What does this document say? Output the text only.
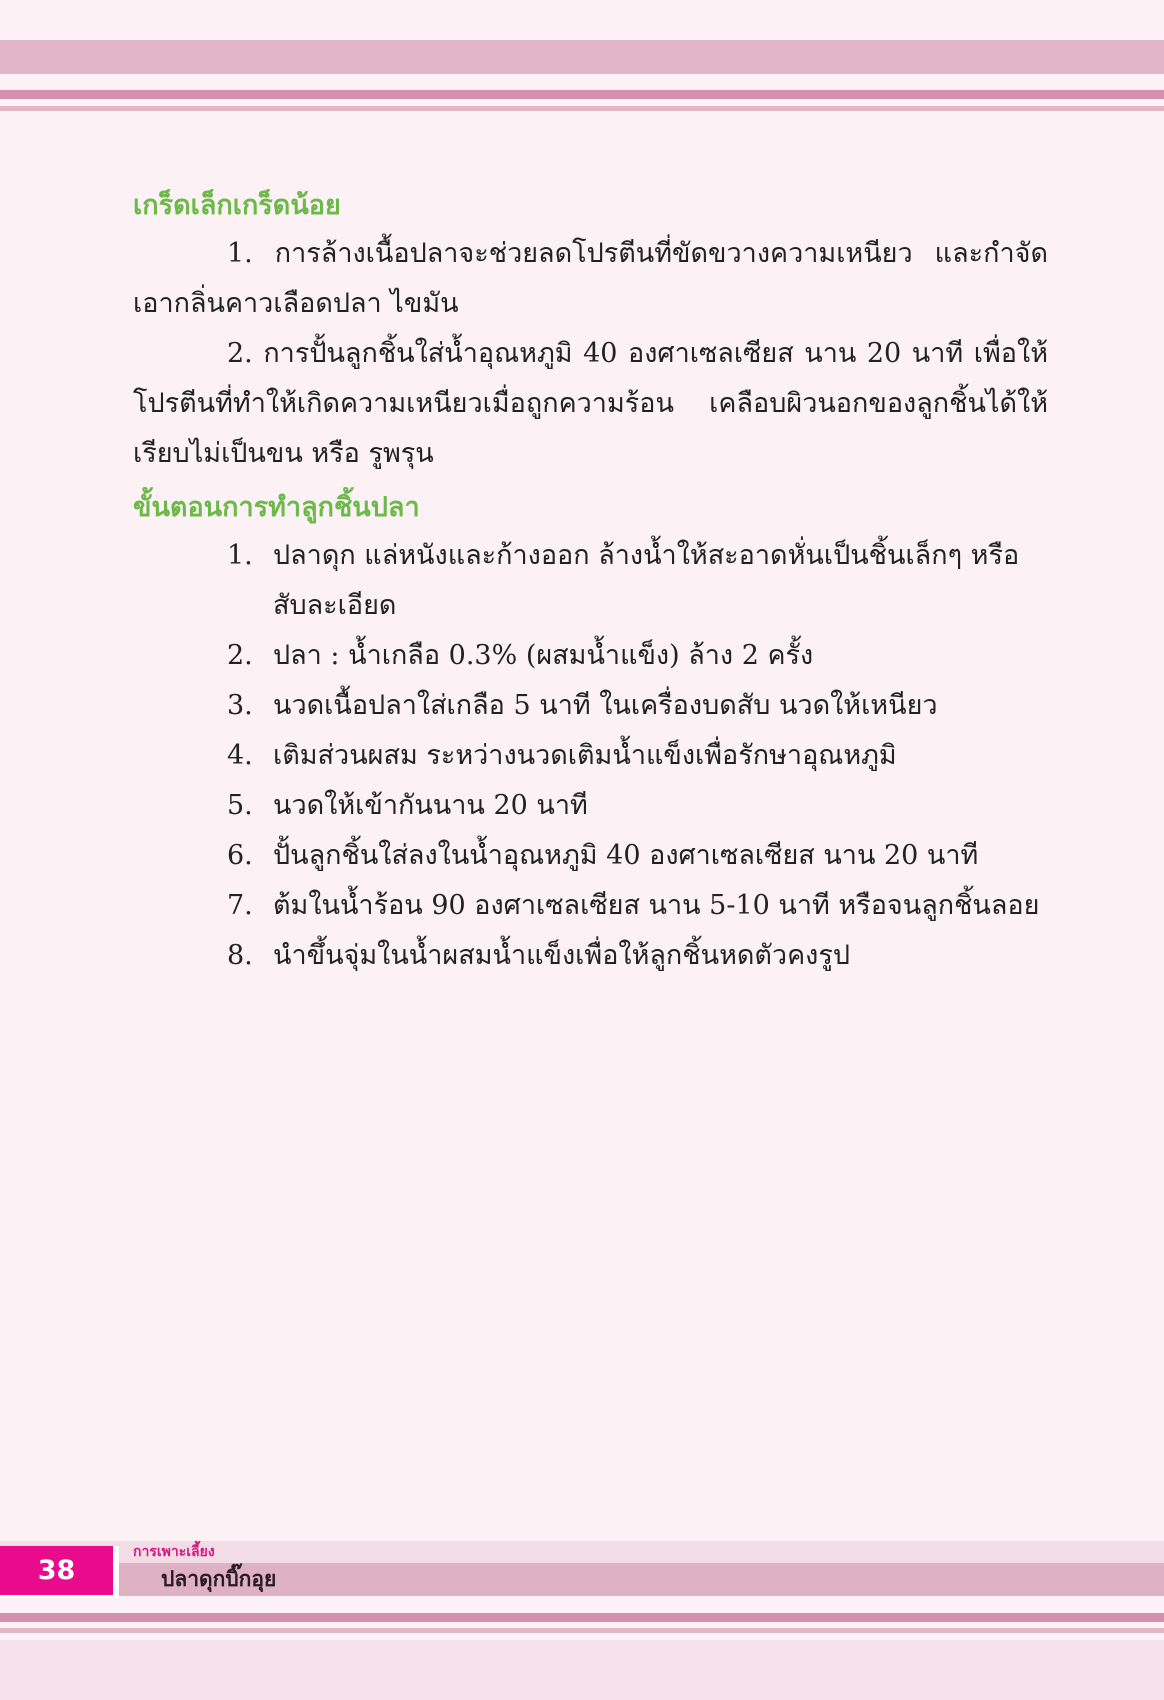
เกร็ดเล็กเกร็ดน้อย

1. การล้างเนื้อปลาจะช่วยลดโปรตีนที่ขัดขวางความเหนียว และกำจัดเอากลิ่นคาวเลือดปลา ไขมัน

2. การปั้นลูกชิ้นใส่น้ำอุณหภูมิ 40 องศาเซลเซียส นาน 20 นาที เพื่อให้โปรตีนที่ทำให้เกิดความเหนียวเมื่อถูกความร้อน เคลือบผิวนอกของลูกชิ้นได้ให้เรียบไม่เป็นขน หรือ รูพรุน

ขั้นตอนการทำลูกชิ้นปลา
1. ปลาดุก แล่หนังและก้างออก ล้างน้ำให้สะอาดหั่นเป็นชิ้นเล็กๆ หรือสับละเอียด
2. ปลา : น้ำเกลือ 0.3% (ผสมน้ำแข็ง) ล้าง 2 ครั้ง
3. นวดเนื้อปลาใส่เกลือ 5 นาที ในเครื่องบดสับ นวดให้เหนียว
4. เติมส่วนผสม ระหว่างนวดเติมน้ำแข็งเพื่อรักษาอุณหภูมิ
5. นวดให้เข้ากันนาน 20 นาที
6. ปั้นลูกชิ้นใส่ลงในน้ำอุณหภูมิ 40 องศาเซลเซียส นาน 20 นาที
7. ต้มในน้ำร้อน 90 องศาเซลเซียส นาน 5-10 นาที หรือจนลูกชิ้นลอย
8. นำขึ้นจุ่มในน้ำผสมน้ำแข็งเพื่อให้ลูกชิ้นหดตัวคงรูป
38
การเพาะเลี้ยง
ปลาดุกบิ๊กอุย
